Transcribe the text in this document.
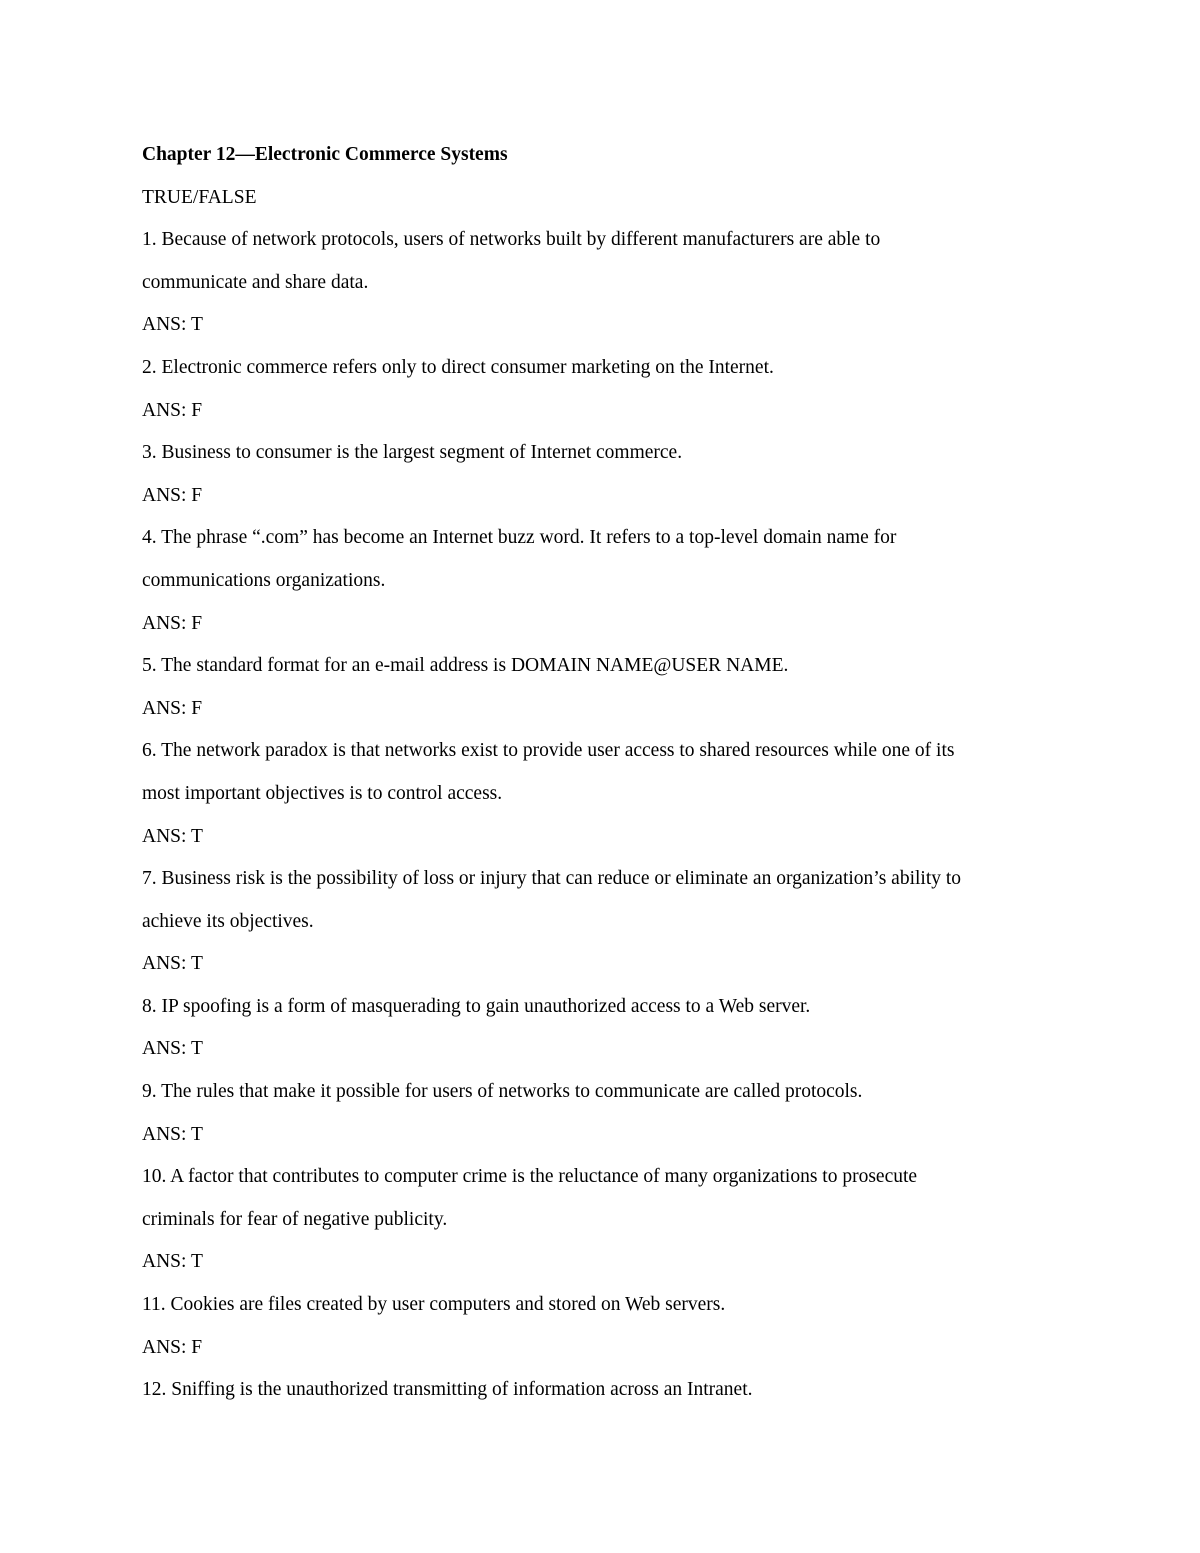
Chapter 12—Electronic Commerce Systems

TRUE/FALSE

1. Because of network protocols, users of networks built by different manufacturers are able to

communicate and share data.

ANS: T

2. Electronic commerce refers only to direct consumer marketing on the Internet.

ANS: F

3. Business to consumer is the largest segment of Internet commerce.

ANS: F

4. The phrase “.com” has become an Internet buzz word. It refers to a top-level domain name for

communications organizations.

ANS: F

5. The standard format for an e-mail address is DOMAIN NAME@USER NAME.

ANS: F

6. The network paradox is that networks exist to provide user access to shared resources while one of its

most important objectives is to control access.

ANS: T

7. Business risk is the possibility of loss or injury that can reduce or eliminate an organization’s ability to

achieve its objectives.

ANS: T

8. IP spoofing is a form of masquerading to gain unauthorized access to a Web server.

ANS: T

9. The rules that make it possible for users of networks to communicate are called protocols.

ANS: T

10. A factor that contributes to computer crime is the reluctance of many organizations to prosecute

criminals for fear of negative publicity.

ANS: T

11. Cookies are files created by user computers and stored on Web servers.

ANS: F

12. Sniffing is the unauthorized transmitting of information across an Intranet.
